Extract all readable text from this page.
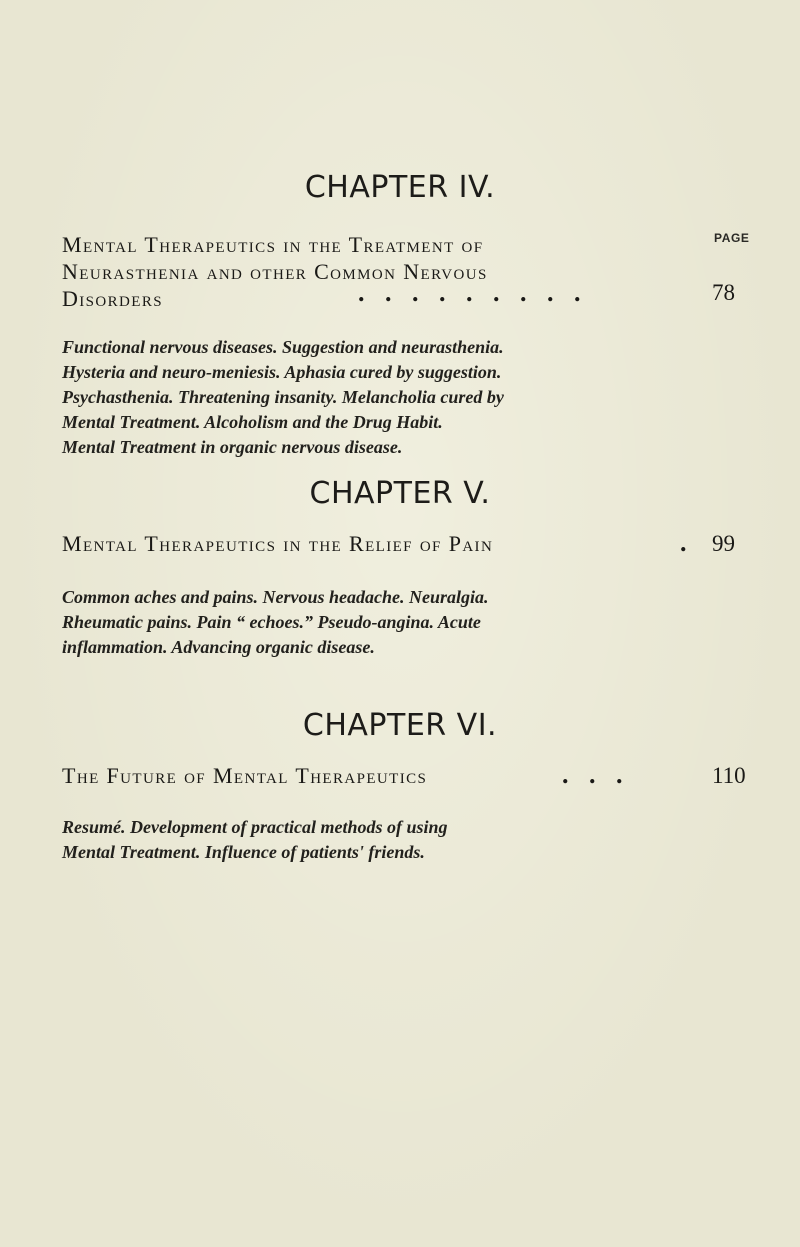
CHAPTER IV.
PAGE
Mental Therapeutics in the Treatment of
Neurasthenia and other Common Nervous
Disorders	. . . . . . . . .	78
Functional nervous diseases. Suggestion and neurasthenia.
Hysteria and neuro-meniesis. Aphasia cured by suggestion.
Psychasthenia. Threatening insanity. Melancholia cured by
Mental Treatment. Alcoholism and the Drug Habit.
Mental Treatment in organic nervous disease.
CHAPTER V.
Mental Therapeutics in the Relief of Pain	. 99
Common aches and pains. Nervous headache. Neuralgia.
Rheumatic pains. Pain “ echoes.” Pseudo-angina. Acute
inflammation. Advancing organic disease.
CHAPTER VI.
The Future of Mental Therapeutics	. . .	110
Resumé. Development of practical methods of using
Mental Treatment. Influence of patients' friends.
